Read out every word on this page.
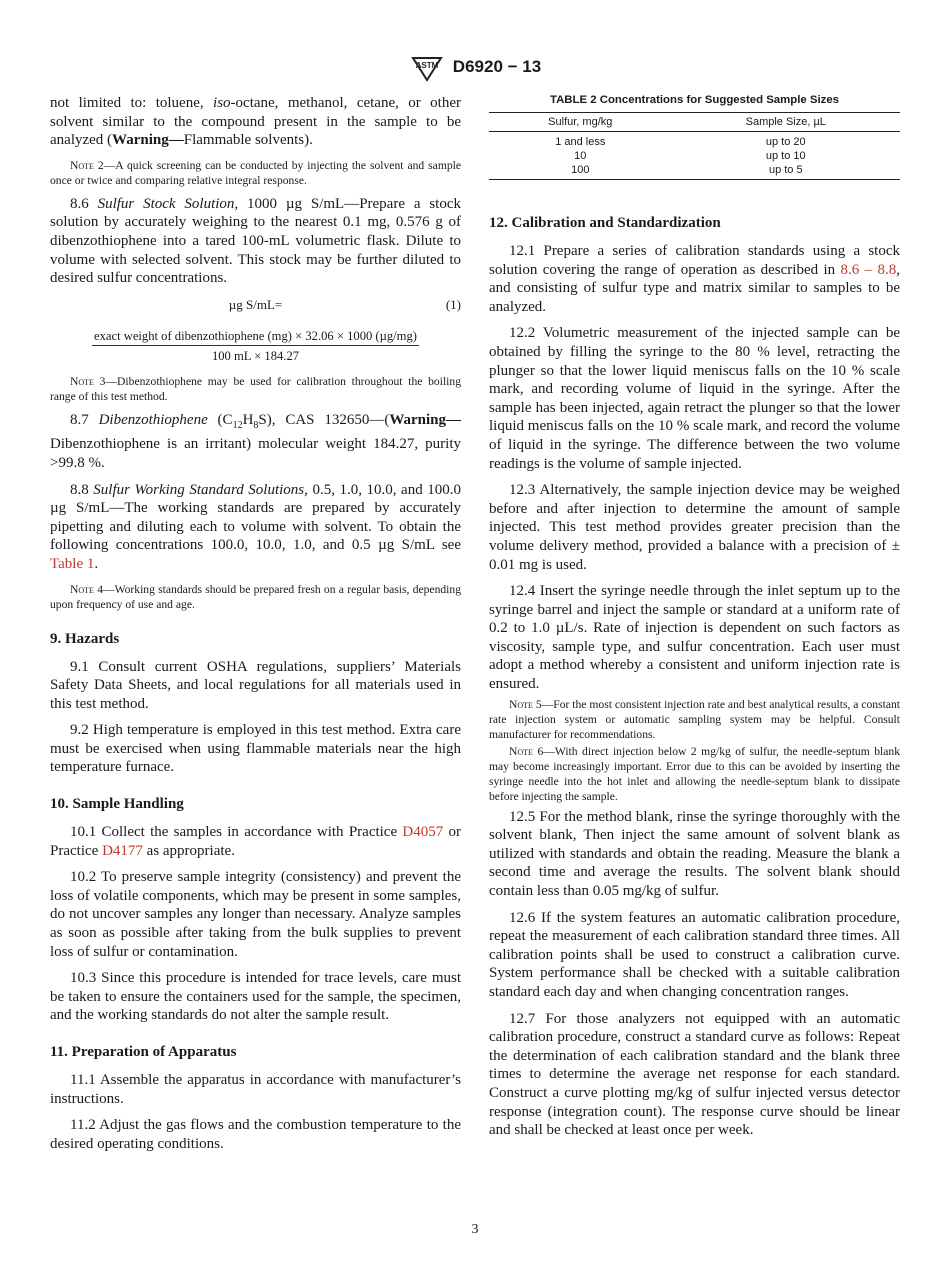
ASTM D6920 − 13

not limited to: toluene, iso-octane, methanol, cetane, or other solvent similar to the compound present in the sample to be analyzed (Warning—Flammable solvents).

Note 2—A quick screening can be conducted by injecting the solvent and sample once or twice and comparing relative integral response.

8.6 Sulfur Stock Solution, 1000 µg S/mL—Prepare a stock solution by accurately weighing to the nearest 0.1 mg, 0.576 g of dibenzothiophene into a tared 100-mL volumetric flask. Dilute to volume with selected solvent. This stock may be further diluted to desired sulfur concentrations.

µg S/mL=	(1)
exact weight of dibenzothiophene (mg) × 32.06 × 1000 (µg/mg)
100 mL × 184.27

Note 3—Dibenzothiophene may be used for calibration throughout the boiling range of this test method.

8.7 Dibenzothiophene $(C_{12}H_8S)$, CAS 132650—(Warning—Dibenzothiophene is an irritant) molecular weight 184.27, purity >99.8 %.

8.8 Sulfur Working Standard Solutions, 0.5, 1.0, 10.0, and 100.0 µg S/mL—The working standards are prepared by accurately pipetting and diluting each to volume with solvent. To obtain the following concentrations 100.0, 10.0, 1.0, and 0.5 µg S/mL see Table 1.

Note 4—Working standards should be prepared fresh on a regular basis, depending upon frequency of use and age.

9. Hazards

9.1 Consult current OSHA regulations, suppliers’ Materials Safety Data Sheets, and local regulations for all materials used in this test method.

9.2 High temperature is employed in this test method. Extra care must be exercised when using flammable materials near the high temperature furnace.

10. Sample Handling

10.1 Collect the samples in accordance with Practice D4057 or Practice D4177 as appropriate.

10.2 To preserve sample integrity (consistency) and prevent the loss of volatile components, which may be present in some samples, do not uncover samples any longer than necessary. Analyze samples as soon as possible after taking from the bulk supplies to prevent loss of sulfur or contamination.

10.3 Since this procedure is intended for trace levels, care must be taken to ensure the containers used for the sample, the specimen, and the working standards do not alter the sample result.

11. Preparation of Apparatus

11.1 Assemble the apparatus in accordance with manufacturer’s instructions.

11.2 Adjust the gas flows and the combustion temperature to the desired operating conditions.

TABLE 2 Concentrations for Suggested Sample Sizes
Sulfur, mg/kg	Sample Size, µL
1 and less	up to 20
10	up to 10
100	up to 5
12. Calibration and Standardization

12.1 Prepare a series of calibration standards using a stock solution covering the range of operation as described in 8.6 – 8.8, and consisting of sulfur type and matrix similar to samples to be analyzed.

12.2 Volumetric measurement of the injected sample can be obtained by filling the syringe to the 80 % level, retracting the plunger so that the lower liquid meniscus falls on the 10 % scale mark, and recording volume of liquid in the syringe. After the sample has been injected, again retract the plunger so that the lower liquid meniscus falls on the 10 % scale mark, and record the volume of liquid in the syringe. The difference between the two volume readings is the volume of sample injected.

12.3 Alternatively, the sample injection device may be weighed before and after injection to determine the amount of sample injected. This test method provides greater precision than the volume delivery method, provided a balance with a precision of ± 0.01 mg is used.

12.4 Insert the syringe needle through the inlet septum up to the syringe barrel and inject the sample or standard at a uniform rate of 0.2 to 1.0 µL/s. Rate of injection is dependent on such factors as viscosity, sample type, and sulfur concentration. Each user must adopt a method whereby a consistent and uniform injection rate is ensured.

Note 5—For the most consistent injection rate and best analytical results, a constant rate injection system or automatic sampling system may be helpful. Consult manufacturer for recommendations.

Note 6—With direct injection below 2 mg/kg of sulfur, the needle-septum blank may become increasingly important. Error due to this can be avoided by inserting the syringe needle into the hot inlet and allowing the needle-septum blank to dissipate before injecting the sample.

12.5 For the method blank, rinse the syringe thoroughly with the solvent blank, Then inject the same amount of solvent blank as utilized with standards and obtain the reading. Measure the blank a second time and average the results. The solvent blank should contain less than 0.05 mg/kg of sulfur.

12.6 If the system features an automatic calibration procedure, repeat the measurement of each calibration standard three times. All calibration points shall be used to construct a calibration curve. System performance shall be checked with a suitable calibration standard each day and when changing concentration ranges.

12.7 For those analyzers not equipped with an automatic calibration procedure, construct a standard curve as follows: Repeat the determination of each calibration standard and the blank three times to determine the average net response for each standard. Construct a curve plotting mg/kg of sulfur injected versus detector response (integration count). The response curve should be linear and shall be checked at least once per week.

3
